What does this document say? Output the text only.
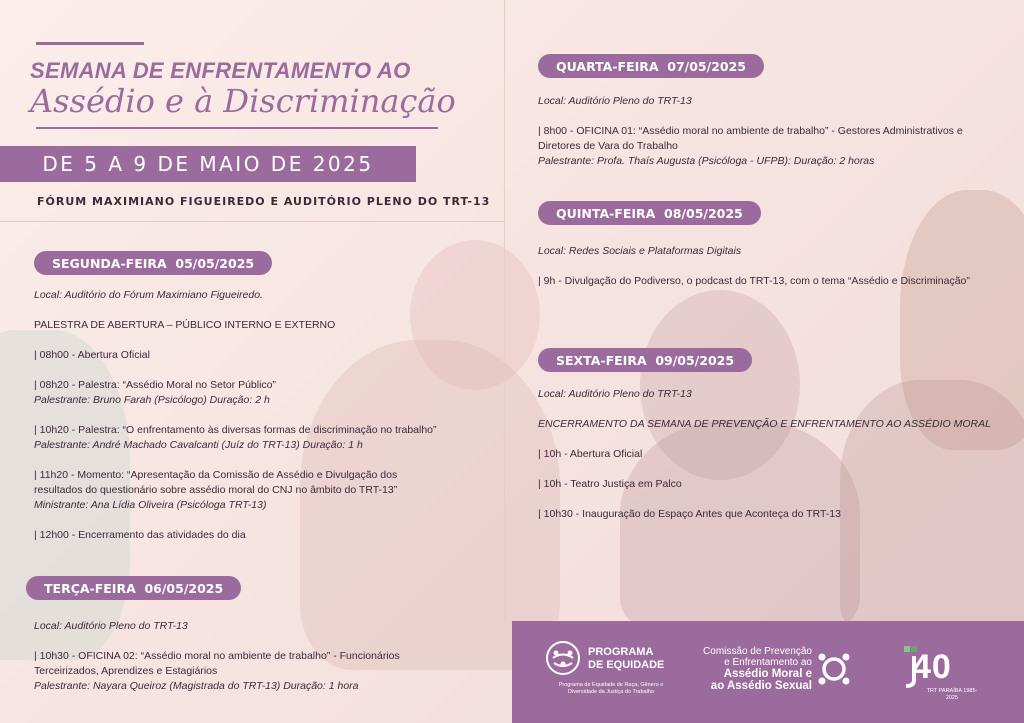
SEMANA DE ENFRENTAMENTO AO
Assédio e à Discriminação
DE 5 A 9 DE MAIO DE 2025
FÓRUM MAXIMIANO FIGUEIREDO E AUDITÓRIO PLENO DO TRT-13
SEGUNDA-FEIRA  05/05/2025
Local: Auditório do Fórum Maximiano Figueiredo.
PALESTRA DE ABERTURA – PÚBLICO INTERNO E EXTERNO
| 08h00 - Abertura Oficial
| 08h20 - Palestra: “Assédio Moral no Setor Público”
Palestrante: Bruno Farah (Psicólogo) Duração: 2 h
| 10h20 - Palestra: “O enfrentamento às diversas formas de discriminação no trabalho”
Palestrante: André Machado Cavalcanti (Juíz do TRT-13) Duração: 1 h
| 11h20 - Momento: “Apresentação da Comissão de Assédio e Divulgação dos
resultados do questionário sobre assédio moral do CNJ no âmbito do TRT-13”
Ministrante: Ana Lídia Oliveira (Psicóloga TRT-13)
| 12h00 - Encerramento das atividades do dia
TERÇA-FEIRA  06/05/2025
Local: Auditório Pleno do TRT-13
| 10h30 - OFICINA 02: “Assédio moral no ambiente de trabalho” - Funcionários
Terceirizados, Aprendizes e Estagiários
Palestrante: Nayara Queiroz (Magistrada do TRT-13) Duração: 1 hora
QUARTA-FEIRA  07/05/2025
Local: Auditório Pleno do TRT-13
| 8h00 - OFICINA 01: “Assédio moral no ambiente de trabalho” - Gestores Administrativos e
Diretores de Vara do Trabalho
Palestrante: Profa. Thaís Augusta (Psicóloga - UFPB): Duração: 2 horas
QUINTA-FEIRA  08/05/2025
Local: Redes Sociais e Plataformas Digitais
| 9h - Divulgação do Podiverso, o podcast do TRT-13, com o tema “Assédio e Discriminação”
SEXTA-FEIRA  09/05/2025
Local: Auditório Pleno do TRT-13
ENCERRAMENTO DA SEMANA DE PREVENÇÃO E ENFRENTAMENTO AO ASSÉDIO MORAL
| 10h - Abertura Oficial
| 10h - Teatro Justiça em Palco
| 10h30 - Inauguração do Espaço Antes que Aconteça do TRT-13
PROGRAMA
DE EQUIDADE
Programa de Equidade de Raça, Gênero e Diversidade da Justiça do Trabalho
Comissão de Prevenção
e Enfrentamento ao
Assédio Moral e
ao Assédio Sexual	40
TRT PARAÍBA 1985-2025
